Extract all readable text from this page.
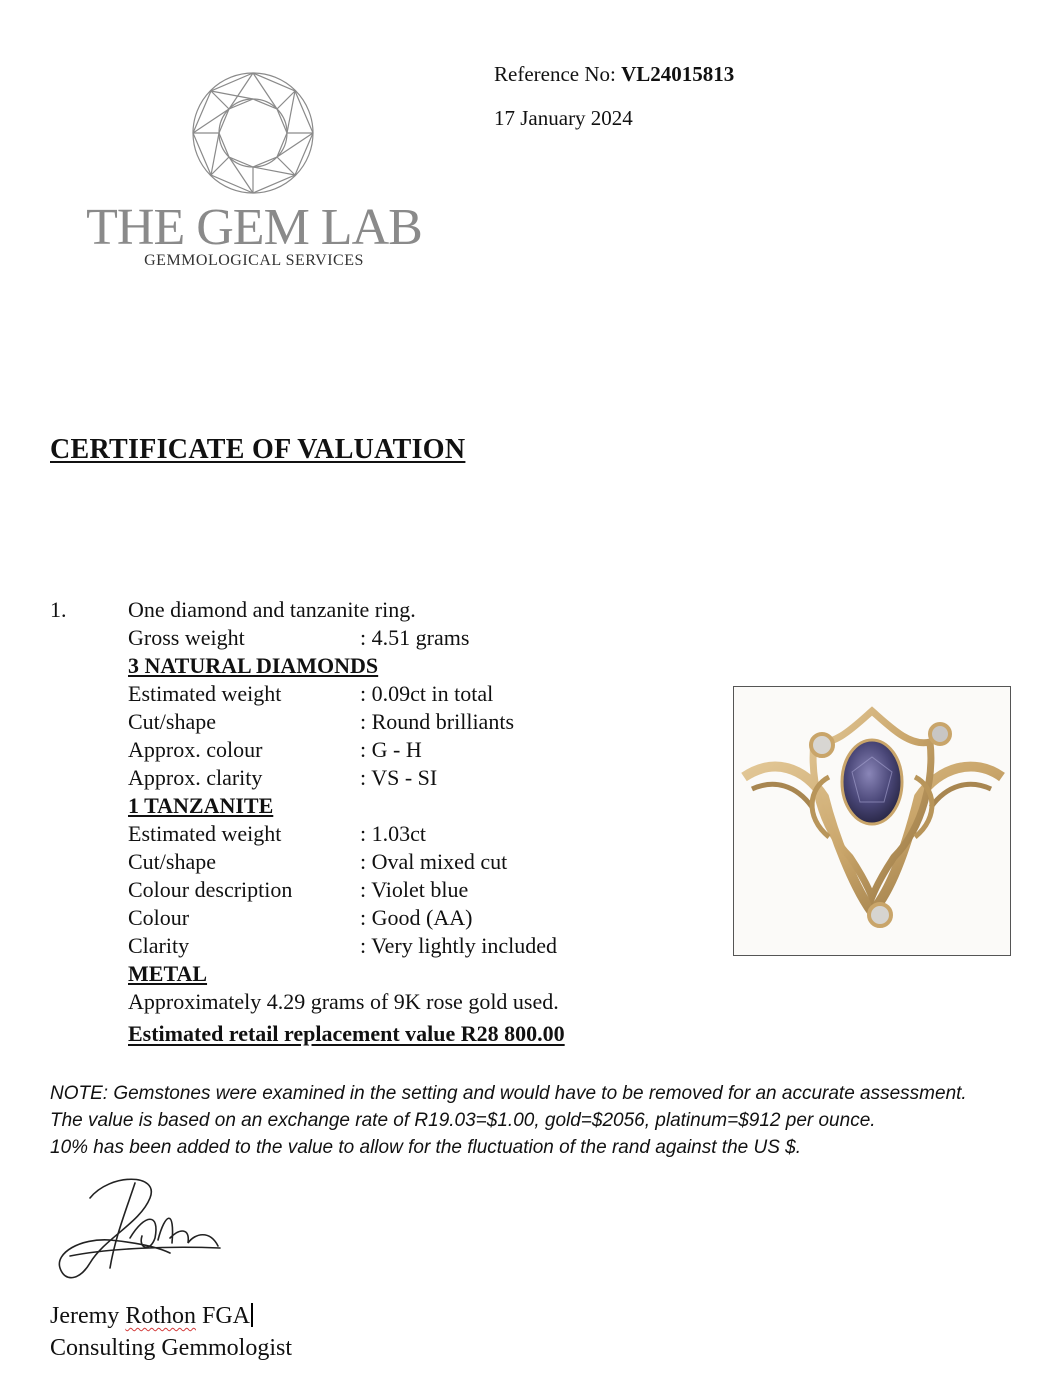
THE GEM LAB
GEMMOLOGICAL SERVICES
Reference No: VL24015813
17 January 2024
CERTIFICATE OF VALUATION
1.	One diamond and tanzanite ring.
Gross weight	: 4.51 grams
3 NATURAL DIAMONDS
Estimated weight	: 0.09ct in total
Cut/shape	: Round brilliants
Approx. colour	: G - H
Approx. clarity	: VS - SI
1 TANZANITE
Estimated weight	: 1.03ct
Cut/shape	: Oval mixed cut
Colour description	: Violet blue
Colour	: Good (AA)
Clarity	: Very lightly included
METAL
Approximately 4.29 grams of 9K rose gold used.
Estimated retail replacement value R28 800.00
NOTE: Gemstones were examined in the setting and would have to be removed for an accurate assessment.
The value is based on an exchange rate of R19.03=$1.00, gold=$2056, platinum=$912 per ounce.
10% has been added to the value to allow for the fluctuation of the rand against the US $.
Jeremy Rothon FGA
Consulting Gemmologist
